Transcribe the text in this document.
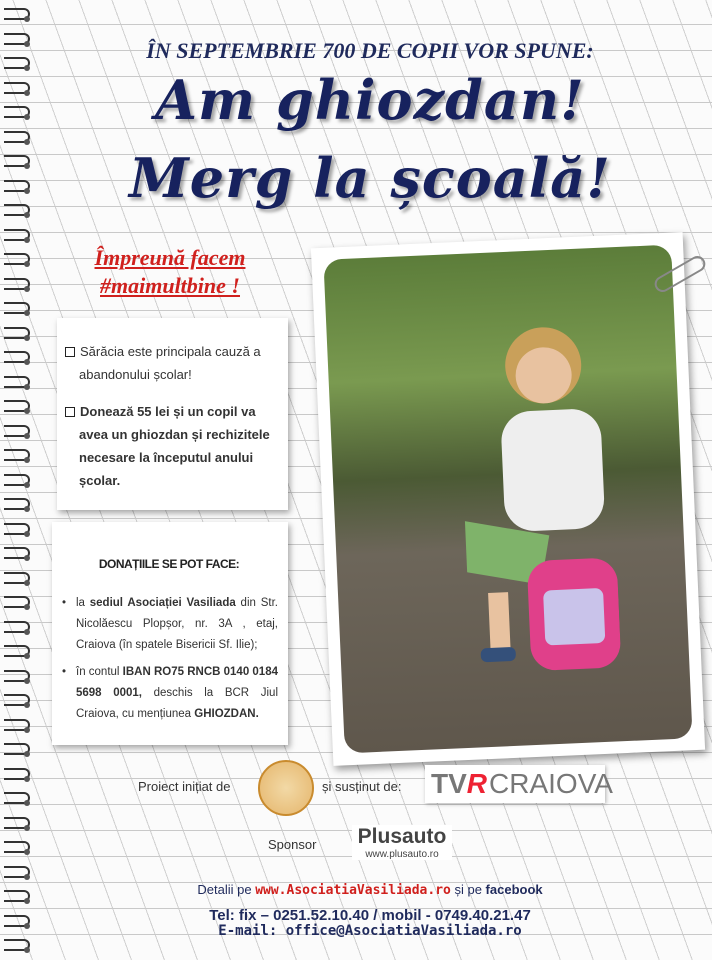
ÎN SEPTEMBRIE 700 DE COPII VOR SPUNE:
Am ghiozdan!
Merg la școală!
Împreună facem
#maimultbine !

Sărăcia este principala cauză a abandonului școlar!

Donează 55 lei și un copil va avea un ghiozdan și rechizitele necesare la începutul anului școlar.

DONAȚIILE SE POT FACE:
• la sediul Asociației Vasiliada din Str. Nicolăescu Plopșor, nr. 3A , etaj, Craiova (în spatele Bisericii Sf. Ilie);
• în contul IBAN RO75 RNCB 0140 0184 5698 0001, deschis la BCR Jiul Craiova, cu mențiunea GHIOZDAN.
Proiect inițiat de	și susținut de: TV R CRAIOVA
Sponsor Plusauto
www.plusauto.ro
Detalii pe www.AsociatiaVasiliada.ro și pe facebook
Tel: fix – 0251.52.10.40 / mobil - 0749.40.21.47
E-mail: office@AsociatiaVasiliada.ro
